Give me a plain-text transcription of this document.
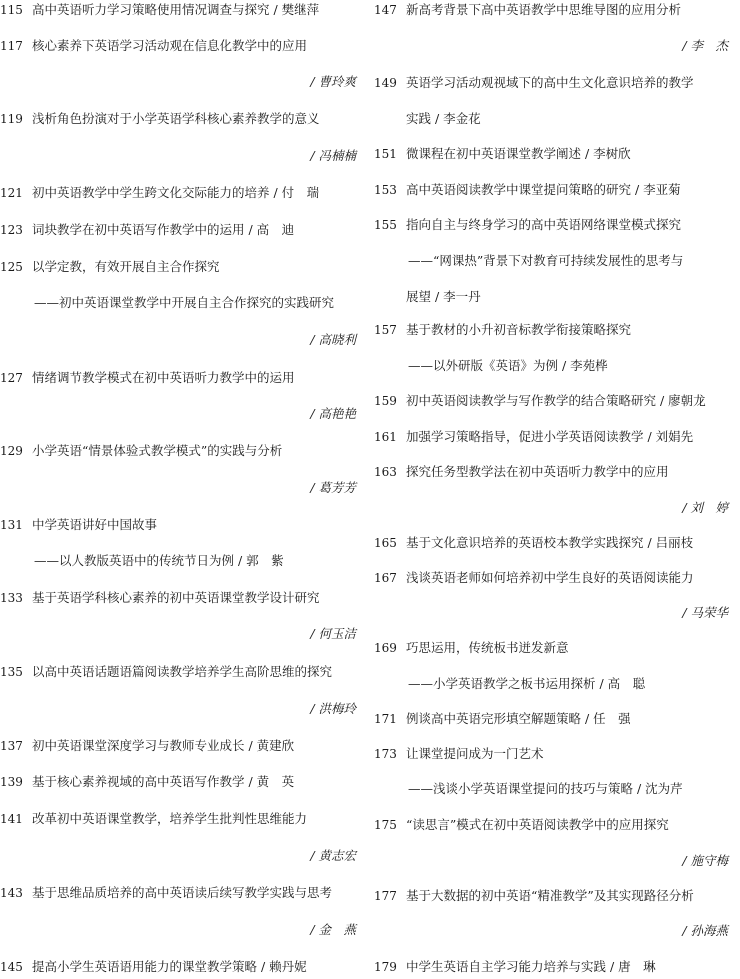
115 高中英语听力学习策略使用情况调查与探究 / 樊继萍
117 核心素养下英语学习活动观在信息化教学中的应用
/ 曹玲爽
119 浅析角色扮演对于小学英语学科核心素养教学的意义
/ 冯楠楠
121 初中英语教学中学生跨文化交际能力的培养 / 付　瑞
123 词块教学在初中英语写作教学中的运用 / 高　迪
125 以学定教，有效开展自主合作探究
——初中英语课堂教学中开展自主合作探究的实践研究
/ 高晓利
127 情绪调节教学模式在初中英语听力教学中的运用
/ 高艳艳
129 小学英语“情景体验式教学模式”的实践与分析
/ 葛芳芳
131 中学英语讲好中国故事
——以人教版英语中的传统节日为例 / 郭　紫
133 基于英语学科核心素养的初中英语课堂教学设计研究
/ 何玉洁
135 以高中英语话题语篇阅读教学培养学生高阶思维的探究
/ 洪梅玲
137 初中英语课堂深度学习与教师专业成长 / 黄建欣
139 基于核心素养视域的高中英语写作教学 / 黄　英
141 改革初中英语课堂教学，培养学生批判性思维能力
/ 黄志宏
143 基于思维品质培养的高中英语读后续写教学实践与思考
/ 金　燕
145 提高小学生英语语用能力的课堂教学策略 / 赖丹妮
147 新高考背景下高中英语教学中思维导图的应用分析
/ 李　杰
149 英语学习活动观视域下的高中生文化意识培养的教学
实践 / 李金花
151 微课程在初中英语课堂教学阐述 / 李树欣
153 高中英语阅读教学中课堂提问策略的研究 / 李亚菊
155 指向自主与终身学习的高中英语网络课堂模式探究
——“网课热”背景下对教育可持续发展性的思考与
展望 / 李一丹
157 基于教材的小升初音标教学衔接策略探究
——以外研版《英语》为例 / 李苑桦
159 初中英语阅读教学与写作教学的结合策略研究 / 廖朝龙
161 加强学习策略指导，促进小学英语阅读教学 / 刘娟先
163 探究任务型教学法在初中英语听力教学中的应用
/ 刘　婷
165 基于文化意识培养的英语校本教学实践探究 / 吕丽枝
167 浅谈英语老师如何培养初中学生良好的英语阅读能力
/ 马荣华
169 巧思运用，传统板书迸发新意
——小学英语教学之板书运用探析 / 高　聪
171 例谈高中英语完形填空解题策略 / 任　强
173 让课堂提问成为一门艺术
——浅谈小学英语课堂提问的技巧与策略 / 沈为芹
175 “读思言”模式在初中英语阅读教学中的应用探究
/ 施守梅
177 基于大数据的初中英语“精准教学”及其实现路径分析
/ 孙海燕
179 中学生英语自主学习能力培养与实践 / 唐　琳
